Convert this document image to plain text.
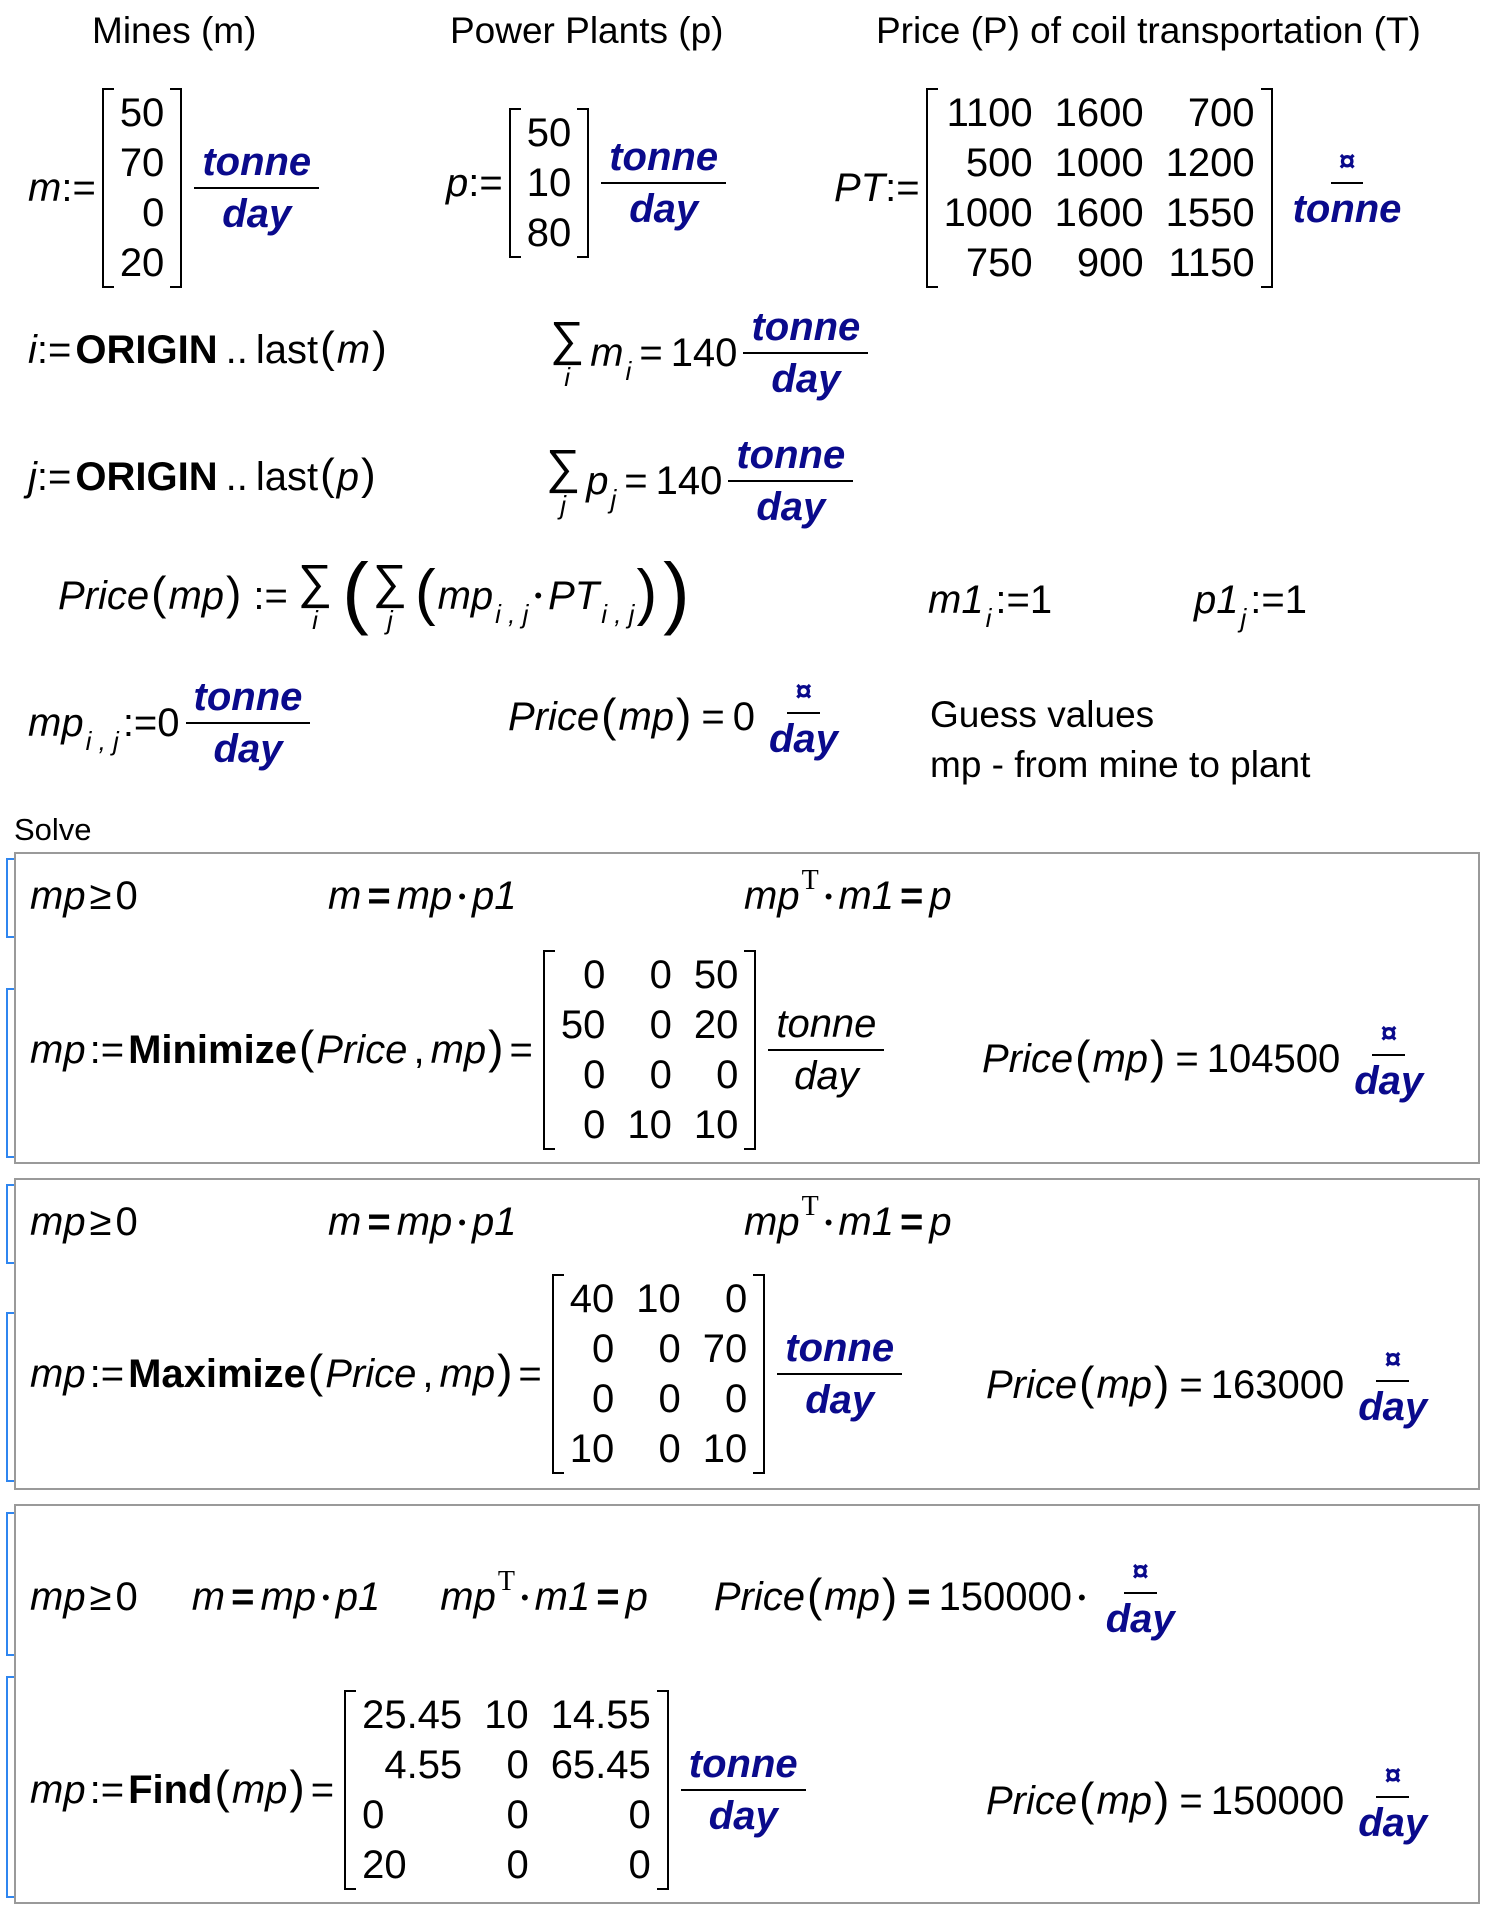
Mines (m)	Power Plants (p)	Price (P) of coil transportation (T)
m :=
50
70
0
20
$\frac{\text{tonne}}{\text{day}}$	p :=
50
10
80
$\frac{\text{tonne}}{\text{day}}$	PT :=
1100 1600	700
500 1000 1200
1000 1600 1550
750	900 1150
$\frac{¤}{\text{tonne}}$
i := ORIGIN .. last ( m )	∑
i
m $i = 140 \frac{\text{tonne}}{\text{day}}$
j := ORIGIN .. last ( p )	∑
j
p $j = 140 \frac{\text{tonne}}{\text{day}}$
Price ( mp ) := ∑
i ( ∑
j ( mp i , j
• PT i , j ) )	m1 i := 1	p1 j := 1
mp i , j := $0 \frac{\text{tonne}}{\text{day}}$	Price ( mp ) = $0 \frac{¤}{\text{day}}$ Guess values
mp - from mine to plant
Solve
mp ≥ 0	m = mp • p1	mp T
• m1 = p
mp := Minimize ( Price , mp ) =
0	0 50
50	0 20
0	0	0
0 10 10
$\frac{\text{tonne}}{\text{day}}$ Price ( mp ) = $104500 \frac{¤}{\text{day}}$
mp ≥ 0	m = mp • p1	mp T
• m1 = p
mp := Maximize ( Price , mp ) =
40 10	0
0	0 70
0	0	0
10	0 10
$\frac{\text{tonne}}{\text{day}}$ Price ( mp ) = $163000 \frac{¤}{\text{day}}$
mp ≥ 0 m = mp • p1 mp T
• m1 = p Price ( mp ) = 150000 • $\frac{¤}{\text{day}}$
mp := Find ( mp ) =
25.45 10 14.55
4.55	0 65.45
0	0	0
20	0	0
$\frac{\text{tonne}}{\text{day}}$	Price ( mp ) = $150000 \frac{¤}{\text{day}}$
